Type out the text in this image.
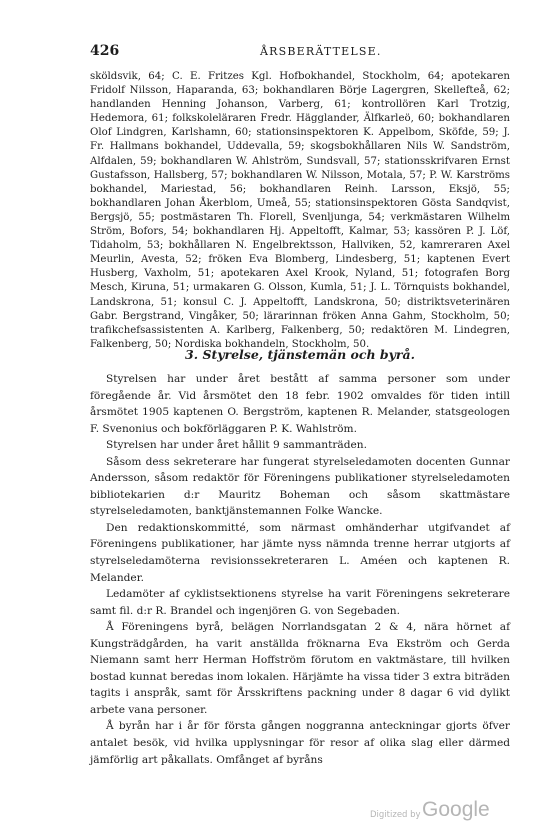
426	ÅRSBERÄTTELSE.
sköldsvik, 64; C. E. Fritzes Kgl. Hofbokhandel, Stockholm, 64; apotekaren Fridolf Nilsson, Haparanda, 63; bokhandlaren Börje Lagergren, Skellefteå, 62; handlanden Henning Johanson, Varberg, 61; kontrollören Karl Trotzig, Hedemora, 61; folkskoleläraren Fredr. Hägglander, Älfkarleö, 60; bokhandlaren Olof Lindgren, Karlshamn, 60; stationsinspektoren K. Appelbom, Sköfde, 59; J. Fr. Hallmans bokhandel, Uddevalla, 59; skogsbokhållaren Nils W. Sandström, Alfdalen, 59; bokhandlaren W. Ahlström, Sundsvall, 57; stationsskrifvaren Ernst Gustafsson, Hallsberg, 57; bokhandlaren W. Nilsson, Motala, 57; P. W. Karströms bokhandel, Mariestad, 56; bokhandlaren Reinh. Larsson, Eksjö, 55; bokhandlaren Johan Åkerblom, Umeå, 55; stationsinspektoren Gösta Sandqvist, Bergsjö, 55; postmästaren Th. Florell, Svenljunga, 54; verkmästaren Wilhelm Ström, Bofors, 54; bokhandlaren Hj. Appeltofft, Kalmar, 53; kassören P. J. Löf, Tidaholm, 53; bokhållaren N. Engelbrektsson, Hallviken, 52, kamreraren Axel Meurlin, Avesta, 52; fröken Eva Blomberg, Lindesberg, 51; kaptenen Evert Husberg, Vaxholm, 51; apotekaren Axel Krook, Nyland, 51; fotografen Borg Mesch, Kiruna, 51; urmakaren G. Olsson, Kumla, 51; J. L. Törnquists bokhandel, Landskrona, 51; konsul C. J. Appeltofft, Landskrona, 50; distriktsveterinären Gabr. Bergstrand, Vingåker, 50; lärarinnan fröken Anna Gahm, Stockholm, 50; trafikchefsassistenten A. Karlberg, Falkenberg, 50; redaktören M. Lindegren, Falkenberg, 50; Nordiska bokhandeln, Stockholm, 50.
3. Styrelse, tjänstemän och byrå.

Styrelsen har under året bestått af samma personer som under föregående år. Vid årsmötet den 18 febr. 1902 omvaldes för tiden intill årsmötet 1905 kaptenen O. Bergström, kaptenen R. Melander, statsgeologen F. Svenonius och bokförläggaren P. K. Wahlström.

Styrelsen har under året hållit 9 sammanträden.

Såsom dess sekreterare har fungerat styrelseledamoten docenten Gunnar Andersson, såsom redaktör för Föreningens publikationer styrelseledamoten bibliotekarien d:r Mauritz Boheman och såsom skattmästare styrelseledamoten, banktjänstemannen Folke Wancke.

Den redaktionskommitté, som närmast omhänderhar utgifvandet af Föreningens publikationer, har jämte nyss nämnda trenne herrar utgjorts af styrelseledamöterna revisionssekreteraren L. Améen och kaptenen R. Melander.

Ledamöter af cyklistsektionens styrelse ha varit Föreningens sekreterare samt fil. d:r R. Brandel och ingenjören G. von Segebaden.

Å Föreningens byrå, belägen Norrlandsgatan 2 & 4, nära hörnet af Kungsträdgården, ha varit anställda fröknarna Eva Ekström och Gerda Niemann samt herr Herman Hoffström förutom en vaktmästare, till hvilken bostad kunnat beredas inom lokalen. Härjämte ha vissa tider 3 extra biträden tagits i anspråk, samt för Årsskriftens packning under 8 dagar 6 vid dylikt arbete vana personer.

Å byrån har i år för första gången noggranna anteckningar gjorts öfver antalet besök, vid hvilka upplysningar för resor af olika slag eller därmed jämförlig art påkallats. Omfånget af byråns

Digitized by Google
